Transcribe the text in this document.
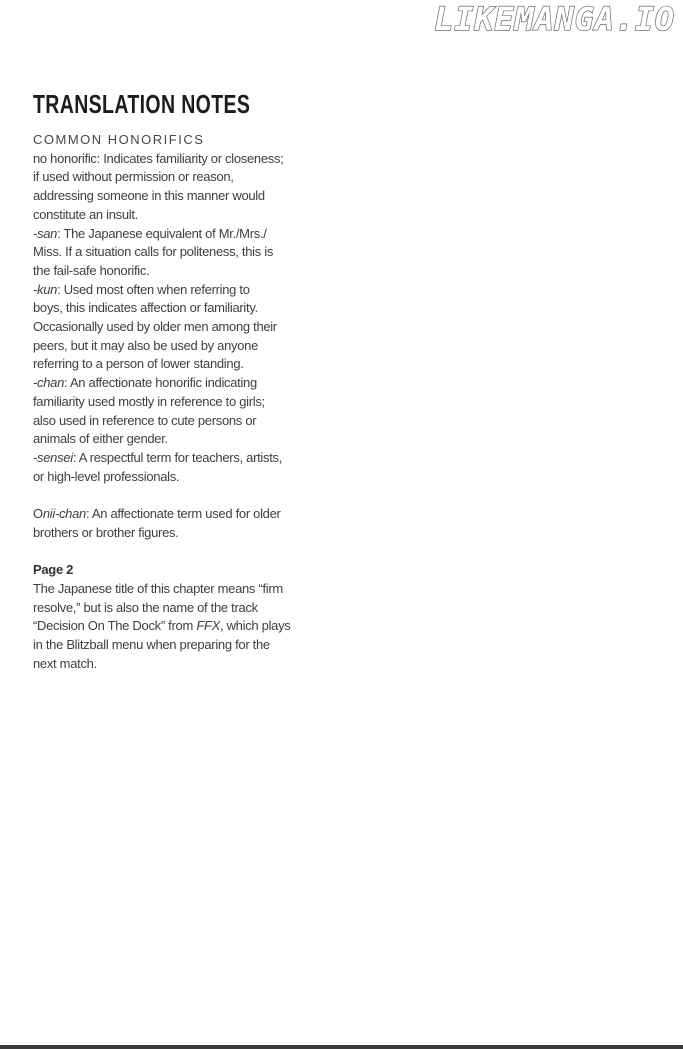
LIKEMANGA.IO
TRANSLATION NOTES
COMMON HONORIFICS
no honorific: Indicates familiarity or closeness;
if used without permission or reason,
addressing someone in this manner would
constitute an insult.
-san: The Japanese equivalent of Mr./Mrs./
Miss. If a situation calls for politeness, this is
the fail-safe honorific.
-kun: Used most often when referring to
boys, this indicates affection or familiarity.
Occasionally used by older men among their
peers, but it may also be used by anyone
referring to a person of lower standing.
-chan: An affectionate honorific indicating
familiarity used mostly in reference to girls;
also used in reference to cute persons or
animals of either gender.
-sensei: A respectful term for teachers, artists,
or high-level professionals.
Onii-chan: An affectionate term used for older
brothers or brother figures.
Page 2
The Japanese title of this chapter means “firm
resolve,” but is also the name of the track
“Decision On The Dock” from FFX, which plays
in the Blitzball menu when preparing for the
next match.
